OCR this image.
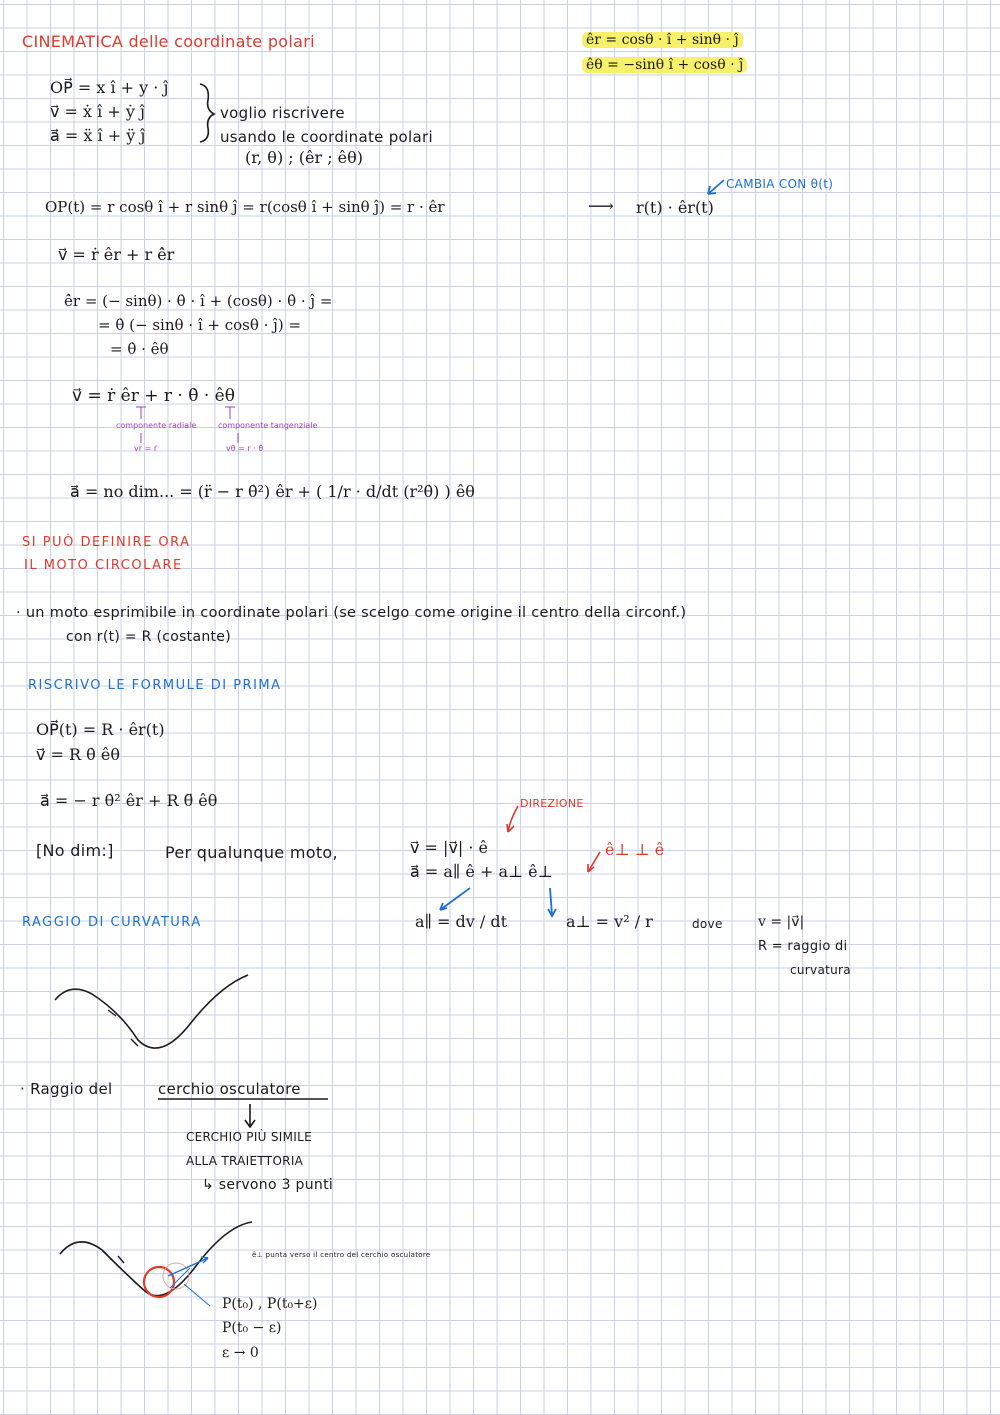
CINEMATICA delle coordinate polari	êr = cosθ · î + sinθ · ĵ
êθ = −sinθ î + cosθ · ĵ
OP⃗ = x î + y · ĵ
v⃗ = ẋ î + ẏ ĵ
a⃗ = ẍ î + ÿ ĵ
voglio riscrivere
usando le coordinate polari
(r, θ) ; (êr ; êθ)
OP(t) = r cosθ î + r sinθ ĵ = r(cosθ î + sinθ ĵ) = r · êr	⟶ r(t) · êr(t)
CAMBIA CON θ(t)
v⃗ = ṙ êr + r ê̇r
ê̇r = (− sinθ) · θ̇ · î + (cosθ) · θ̇ · ĵ =
= θ̇ (− sinθ · î + cosθ · ĵ) =
= θ̇ · êθ
v⃗ = ṙ êr + r · θ̇ · êθ
componente radiale
vr = ṙ
componente tangenziale
vθ = r · θ̇
a⃗ = no dim... = (r̈ − r θ̇²) êr + ( 1/r · d/dt (r²θ̇) ) êθ
SI PUÒ DEFINIRE ORA
IL MOTO CIRCOLARE
· un moto esprimibile in coordinate polari (se scelgo come origine il centro della circonf.)
con r(t) = R (costante)
RISCRIVO LE FORMULE DI PRIMA
OP⃗(t) = R · êr(t)
v⃗ = R θ̇ êθ
a⃗ = − r θ̇² êr + R θ̈ êθ
[No dim:]	Per qualunque moto,	v⃗ = |v⃗| · ê
a⃗ = a∥ ê + a⊥ ê⊥
DIREZIONE
ê⊥ ⊥ ê
a∥ = dv / dt	a⊥ = v² / r	dove	v = |v⃗|
R = raggio di
curvatura
RAGGIO DI CURVATURA
· Raggio del	cerchio osculatore
CERCHIO PIÙ SIMILE
ALLA TRAIETTORIA
↳ servono 3 punti
ê⊥ punta verso il centro del cerchio osculatore
P(t₀) , P(t₀+ε)
P(t₀ − ε)
ε → 0
